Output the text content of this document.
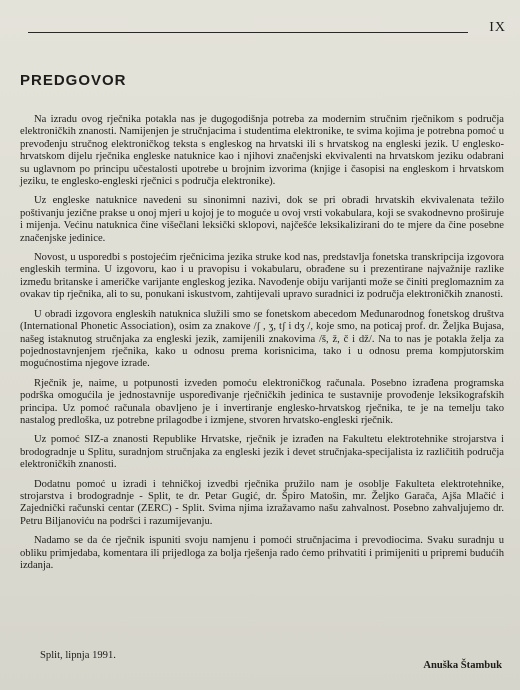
IX
PREDGOVOR

Na izradu ovog rječnika potakla nas je dugogodišnja potreba za modernim stručnim rječnikom s područja elektroničkih znanosti. Namijenjen je stručnjacima i studentima elektronike, te svima kojima je potrebna pomoć u prevođenju stručnog elektroničkog teksta s engleskog na hrvatski ili s hrvatskog na engleski jezik. U englesko-hrvatskom dijelu rječnika engleske natuknice kao i njihovi značenjski ekvivalenti na hrvatskom jeziku odabrani su uglavnom po principu učestalosti upotrebe u brojnim izvorima (knjige i časopisi na engleskom i hrvatskom jeziku, te englesko-engleski rječnici s područja elektronike).

Uz engleske natuknice navedeni su sinonimni nazivi, dok se pri obradi hrvatskih ekvivalenata težilo poštivanju jezične prakse u onoj mjeri u kojoj je to moguće u ovoj vrsti vokabulara, koji se svakodnevno proširuje i mijenja. Većinu natuknica čine višečlani leksički sklopovi, najčešće leksikalizirani do te mjere da čine posebne značenjske jedinice.

Novost, u usporedbi s postojećim rječnicima jezika struke kod nas, predstavlja fonetska transkripcija izgovora engleskih termina. U izgovoru, kao i u pravopisu i vokabularu, obrađene su i prezentirane najvažnije razlike između britanske i američke varijante engleskog jezika. Navođenje obiju varijanti može se činiti preglomaznim za ovakav tip rječnika, ali to su, ponukani iskustvom, zahtijevali upravo suradnici iz područja elektroničkih znanosti.

U obradi izgovora engleskih natuknica služili smo se fonetskom abecedom Međunarodnog fonetskog društva (International Phonetic Association), osim za znakove /ʃ , ʒ, tʃ i dʒ /, koje smo, na poticaj prof. dr. Željka Bujasa, našeg istaknutog stručnjaka za engleski jezik, zamijenili znakovima /š, ž, č i dž/. Na to nas je potakla želja za pojednostavnjenjem rječnika, kako u odnosu prema korisnicima, tako i u odnosu prema kompjutorskim mogućnostima njegove izrade.

Rječnik je, naime, u potpunosti izveden pomoću elektroničkog računala. Posebno izrađena programska podrška omogućila je jednostavnije uspoređivanje rječničkih jedinica te sustavnije provođenje leksikografskih principa. Uz pomoć računala obavljeno je i invertiranje englesko-hrvatskog rječnika, te je na temelju tako nastalog predloška, uz potrebne prilagodbe i izmjene, stvoren hrvatsko-engleski rječnik.

Uz pomoć SIZ-a znanosti Republike Hrvatske, rječnik je izrađen na Fakultetu elektrotehnike strojarstva i brodogradnje u Splitu, suradnjom stručnjaka za engleski jezik i devet stručnjaka-specijalista iz različitih područja elektroničkih znanosti.

Dodatnu pomoć u izradi i tehničkoj izvedbi rječnika pružilo nam je osoblje Fakulteta elektrotehnike, strojarstva i brodogradnje - Split, te dr. Petar Gugić, dr. Špiro Matošin, mr. Željko Garača, Ajša Mlačić i Zajednički računski centar (ZERC) - Split. Svima njima izražavamo našu zahvalnost. Posebno zahvaljujemo dr. Petru Biljanoviću na podršci i razumijevanju.

Nadamo se da će rječnik ispuniti svoju namjenu i pomoći stručnjacima i prevodiocima. Svaku suradnju u obliku primjedaba, komentara ili prijedloga za bolja rješenja rado ćemo prihvatiti i primijeniti u pripremi budućih izdanja.

Split, lipnja 1991.
Anuška Štambuk
